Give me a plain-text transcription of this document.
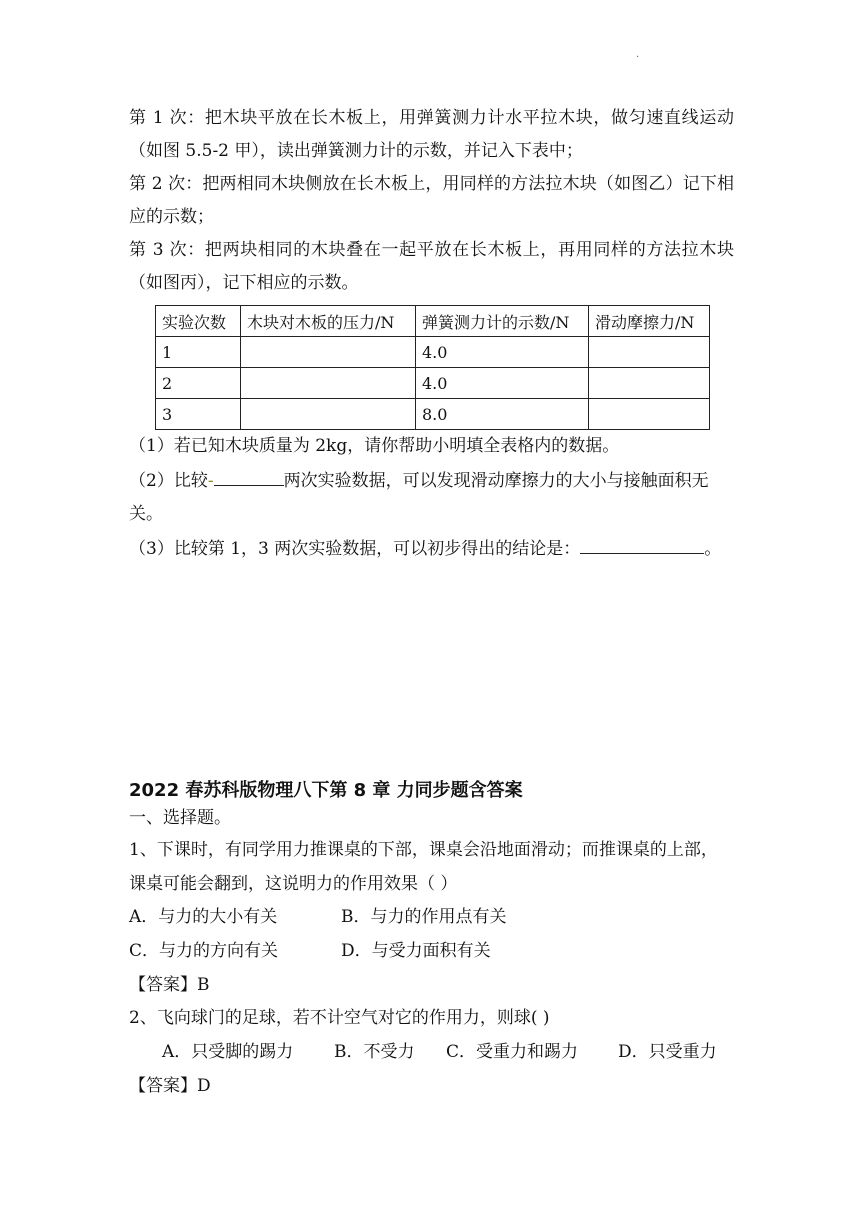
·
第 1 次：把木块平放在长木板上，用弹簧测力计水平拉木块，做匀速直线运动（如图 5.5-2 甲），读出弹簧测力计的示数，并记入下表中；
第 2 次：把两相同木块侧放在长木板上，用同样的方法拉木块（如图乙）记下相应的示数；
第 3 次：把两块相同的木块叠在一起平放在长木板上，再用同样的方法拉木块（如图丙），记下相应的示数。
实验次数	木块对木板的压力/N	弹簧测力计的示数/N	滑动摩擦力/N
1		4.0	
2		4.0	
3		8.0	
（1）若已知木块质量为 2kg，请你帮助小明填全表格内的数据。
（2）比较-	两次实验数据，可以发现滑动摩擦力的大小与接触面积无
关。
（3）比较第 1，3 两次实验数据，可以初步得出的结论是：	。
2022 春苏科版物理八下第 8 章 力同步题含答案
一、选择题。
1、下课时，有同学用力推课桌的下部，课桌会沿地面滑动；而推课桌的上部，
课桌可能会翻到，这说明力的作用效果（ ）
A．与力的大小有关	B．与力的作用点有关
C．与力的方向有关	D．与受力面积有关
【答案】B
2、飞向球门的足球，若不计空气对它的作用力，则球( )
A．只受脚的踢力 B．不受力 C．受重力和踢力 D．只受重力
【答案】D
